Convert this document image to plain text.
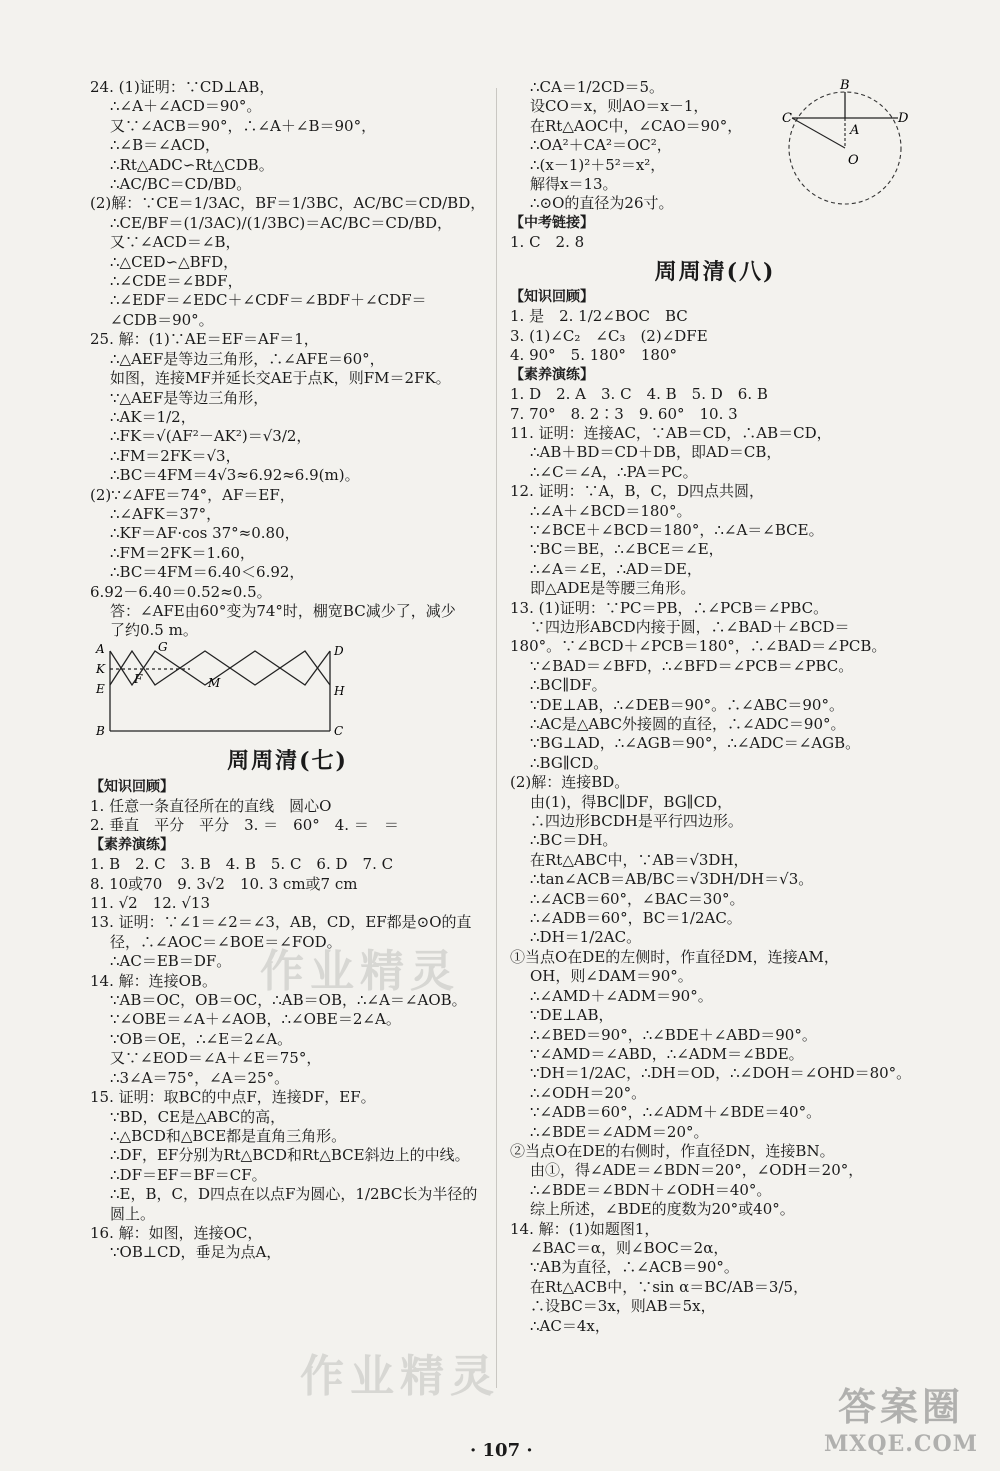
24. (1)证明：∵CD⊥AB，
∴∠A＋∠ACD＝90°。
又∵∠ACB＝90°，∴∠A＋∠B＝90°，
∴∠B＝∠ACD，
∴Rt△ADC∽Rt△CDB。
∴AC/BC＝CD/BD。
(2)解：∵CE＝1/3AC，BF＝1/3BC，AC/BC＝CD/BD，
∴CE/BF＝(1/3AC)/(1/3BC)＝AC/BC＝CD/BD，
又∵∠ACD＝∠B，
∴△CED∽△BFD，
∴∠CDE＝∠BDF，
∴∠EDF＝∠EDC＋∠CDF＝∠BDF＋∠CDF＝
∠CDB＝90°。
25. 解：(1)∵AE＝EF＝AF＝1，
∴△AEF是等边三角形，∴∠AFE＝60°，
如图，连接MF并延长交AE于点K，则FM＝2FK。
∵△AEF是等边三角形，
∴AK＝1/2，
∴FK＝√(AF²－AK²)＝√3/2，
∴FM＝2FK＝√3，
∴BC＝4FM＝4√3≈6.92≈6.9(m)。
(2)∵∠AFE＝74°，AF＝EF，
∴∠AFK＝37°，
∴KF＝AF·cos 37°≈0.80，
∴FM＝2FK＝1.60，
∴BC＝4FM＝6.40＜6.92，
6.92－6.40＝0.52≈0.5。
答：∠AFE由60°变为74°时，棚宽BC减少了，减少
了约0.5 m。
A	G	D
K
F	M
E	H
B	C
周周清(七)
【知识回顾】
1. 任意一条直径所在的直线　圆心O
2. 垂直　平分　平分　3. ＝　60°　4. ＝　＝
【素养演练】
1. B　2. C　3. B　4. B　5. C　6. D　7. C
8. 10或70　9. 3√2　10. 3 cm或7 cm
11. √2　12. √13
13. 证明：∵∠1＝∠2＝∠3，AB，CD，EF都是⊙O的直
径，∴∠AOC＝∠BOE＝∠FOD。
∴AC＝EB＝DF。
14. 解：连接OB。
∵AB＝OC，OB＝OC，∴AB＝OB，∴∠A＝∠AOB。
∵∠OBE＝∠A＋∠AOB，∴∠OBE＝2∠A。
∵OB＝OE，∴∠E＝2∠A。
又∵∠EOD＝∠A＋∠E＝75°，
∴3∠A＝75°，∠A＝25°。
15. 证明：取BC的中点F，连接DF，EF。
∵BD，CE是△ABC的高，
∴△BCD和△BCE都是直角三角形。
∴DF，EF分别为Rt△BCD和Rt△BCE斜边上的中线。
∴DF＝EF＝BF＝CF。
∴E，B，C，D四点在以点F为圆心，1/2BC长为半径的
圆上。
16. 解：如图，连接OC，
∵OB⊥CD，垂足为点A，
∴CA＝1/2CD＝5。
设CO＝x，则AO＝x－1，
在Rt△AOC中，∠CAO＝90°，
∴OA²＋CA²＝OC²，
∴(x－1)²＋5²＝x²，
解得x＝13。
∴⊙O的直径为26寸。
【中考链接】
1. C　2. 8
B
C
A
D
O
周周清(八)
【知识回顾】
1. 是　2. 1/2∠BOC　BC
3. (1)∠C₂　∠C₃　(2)∠DFE
4. 90°　5. 180°　180°
【素养演练】
1. D　2. A　3. C　4. B　5. D　6. B
7. 70°　8. 2∶3　9. 60°　10. 3
11. 证明：连接AC，∵AB＝CD，∴AB＝CD，
∴AB＋BD＝CD＋DB，即AD＝CB，
∴∠C＝∠A，∴PA＝PC。
12. 证明：∵A，B，C，D四点共圆，
∴∠A＋∠BCD＝180°。
∵∠BCE＋∠BCD＝180°，∴∠A＝∠BCE。
∵BC＝BE，∴∠BCE＝∠E，
∴∠A＝∠E，∴AD＝DE，
即△ADE是等腰三角形。
13. (1)证明：∵PC＝PB，∴∠PCB＝∠PBC。
∵四边形ABCD内接于圆，∴∠BAD＋∠BCD＝
180°。∵∠BCD＋∠PCB＝180°，∴∠BAD＝∠PCB。
∵∠BAD＝∠BFD，∴∠BFD＝∠PCB＝∠PBC。
∴BC∥DF。
∵DE⊥AB，∴∠DEB＝90°。∴∠ABC＝90°。
∴AC是△ABC外接圆的直径，∴∠ADC＝90°。
∵BG⊥AD，∴∠AGB＝90°，∴∠ADC＝∠AGB。
∴BG∥CD。
(2)解：连接BD。
由(1)，得BC∥DF，BG∥CD，
∴四边形BCDH是平行四边形。
∴BC＝DH。
在Rt△ABC中，∵AB＝√3DH，
∴tan∠ACB＝AB/BC＝√3DH/DH＝√3。
∴∠ACB＝60°，∠BAC＝30°。
∴∠ADB＝60°，BC＝1/2AC。
∴DH＝1/2AC。
①当点O在DE的左侧时，作直径DM，连接AM，
OH，则∠DAM＝90°。
∴∠AMD＋∠ADM＝90°。
∵DE⊥AB，
∴∠BED＝90°，∴∠BDE＋∠ABD＝90°。
∵∠AMD＝∠ABD，∴∠ADM＝∠BDE。
∵DH＝1/2AC，∴DH＝OD，∴∠DOH＝∠OHD＝80°。
∴∠ODH＝20°。
∵∠ADB＝60°，∴∠ADM＋∠BDE＝40°。
∴∠BDE＝∠ADM＝20°。
②当点O在DE的右侧时，作直径DN，连接BN。
由①，得∠ADE＝∠BDN＝20°，∠ODH＝20°，
∴∠BDE＝∠BDN＋∠ODH＝40°。
综上所述，∠BDE的度数为20°或40°。
14. 解：(1)如题图1，
∠BAC＝α，则∠BOC＝2α，
∵AB为直径，∴∠ACB＝90°。
在Rt△ACB中，∵sin α＝BC/AB＝3/5，
∴设BC＝3x，则AB＝5x，
∴AC＝4x，
· 107 ·
作业精灵
作业精灵
答案圈
MXQE.COM
